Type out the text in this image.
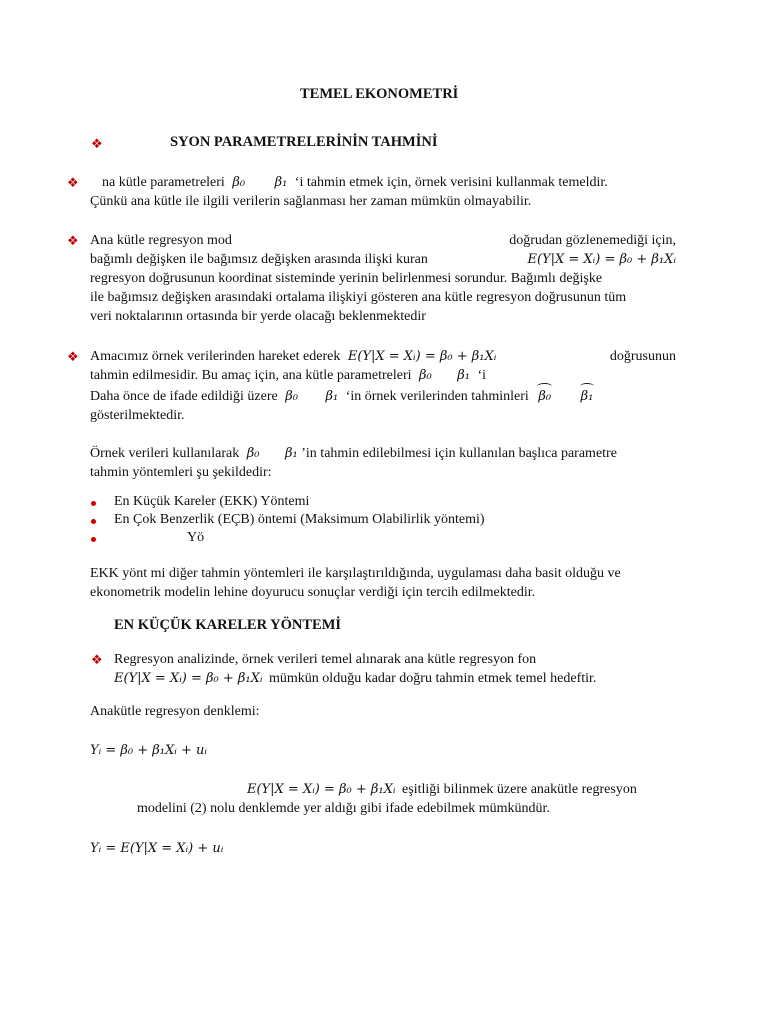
TEMEL EKONOMETRİ
❖	SYON PARAMETRELERİNİN TAHMİNİ
❖	na kütle parametreleri β₀ β₁ ‘i tahmin etmek için, örnek verisini kullanmak temeldir.
Çünkü ana kütle ile ilgili verilerin sağlanması her zaman mümkün olmayabilir.
❖ Ana kütle regresyon mod	doğrudan gözlenemediği için,
bağımlı değişken ile bağımsız değişken arasında ilişki kuran	E(Y|X = Xᵢ) = β₀ + β₁Xᵢ
regresyon doğrusunun koordinat sisteminde yerinin belirlenmesi sorundur. Bağımlı değişke
ile bağımsız değişken arasındaki ortalama ilişkiyi gösteren ana kütle regresyon doğrusunun tüm
veri noktalarının ortasında bir yerde olacağı beklenmektedir
❖ Amacımız örnek verilerinden hareket ederek E(Y|X = Xᵢ) = β₀ + β₁Xᵢ	doğrusunun
tahmin edilmesidir. Bu amaç için, ana kütle parametreleri β₀ β₁ ‘i
Daha önce de ifade edildiği üzere β₀ β₁ ‘in örnek verilerinden tahminleri β₀ β₁
gösterilmektedir.
Örnek verileri kullanılarak β₀ β₁ ’in tahmin edilebilmesi için kullanılan başlıca parametre
tahmin yöntemleri şu şekildedir:
En Küçük Kareler (EKK) Yöntemi
En Çok Benzerlik (EÇB) öntemi (Maksimum Olabilirlik yöntemi)
Yö
EKK yönt mi diğer tahmin yöntemleri ile karşılaştırıldığında, uygulaması daha basit olduğu ve
ekonometrik modelin lehine doyurucu sonuçlar verdiği için tercih edilmektedir.
EN KÜÇÜK KARELER YÖNTEMİ
❖ Regresyon analizinde, örnek verileri temel alınarak ana kütle regresyon fon
E(Y|X = Xᵢ) = β₀ + β₁Xᵢ mümkün olduğu kadar doğru tahmin etmek temel hedeftir.
Anakütle regresyon denklemi:
Yᵢ = β₀ + β₁Xᵢ + uᵢ
E(Y|X = Xᵢ) = β₀ + β₁Xᵢ eşitliği bilinmek üzere anakütle regresyon
modelini (2) nolu denklemde yer aldığı gibi ifade edebilmek mümkündür.
Yᵢ = E(Y|X = Xᵢ) + uᵢ
